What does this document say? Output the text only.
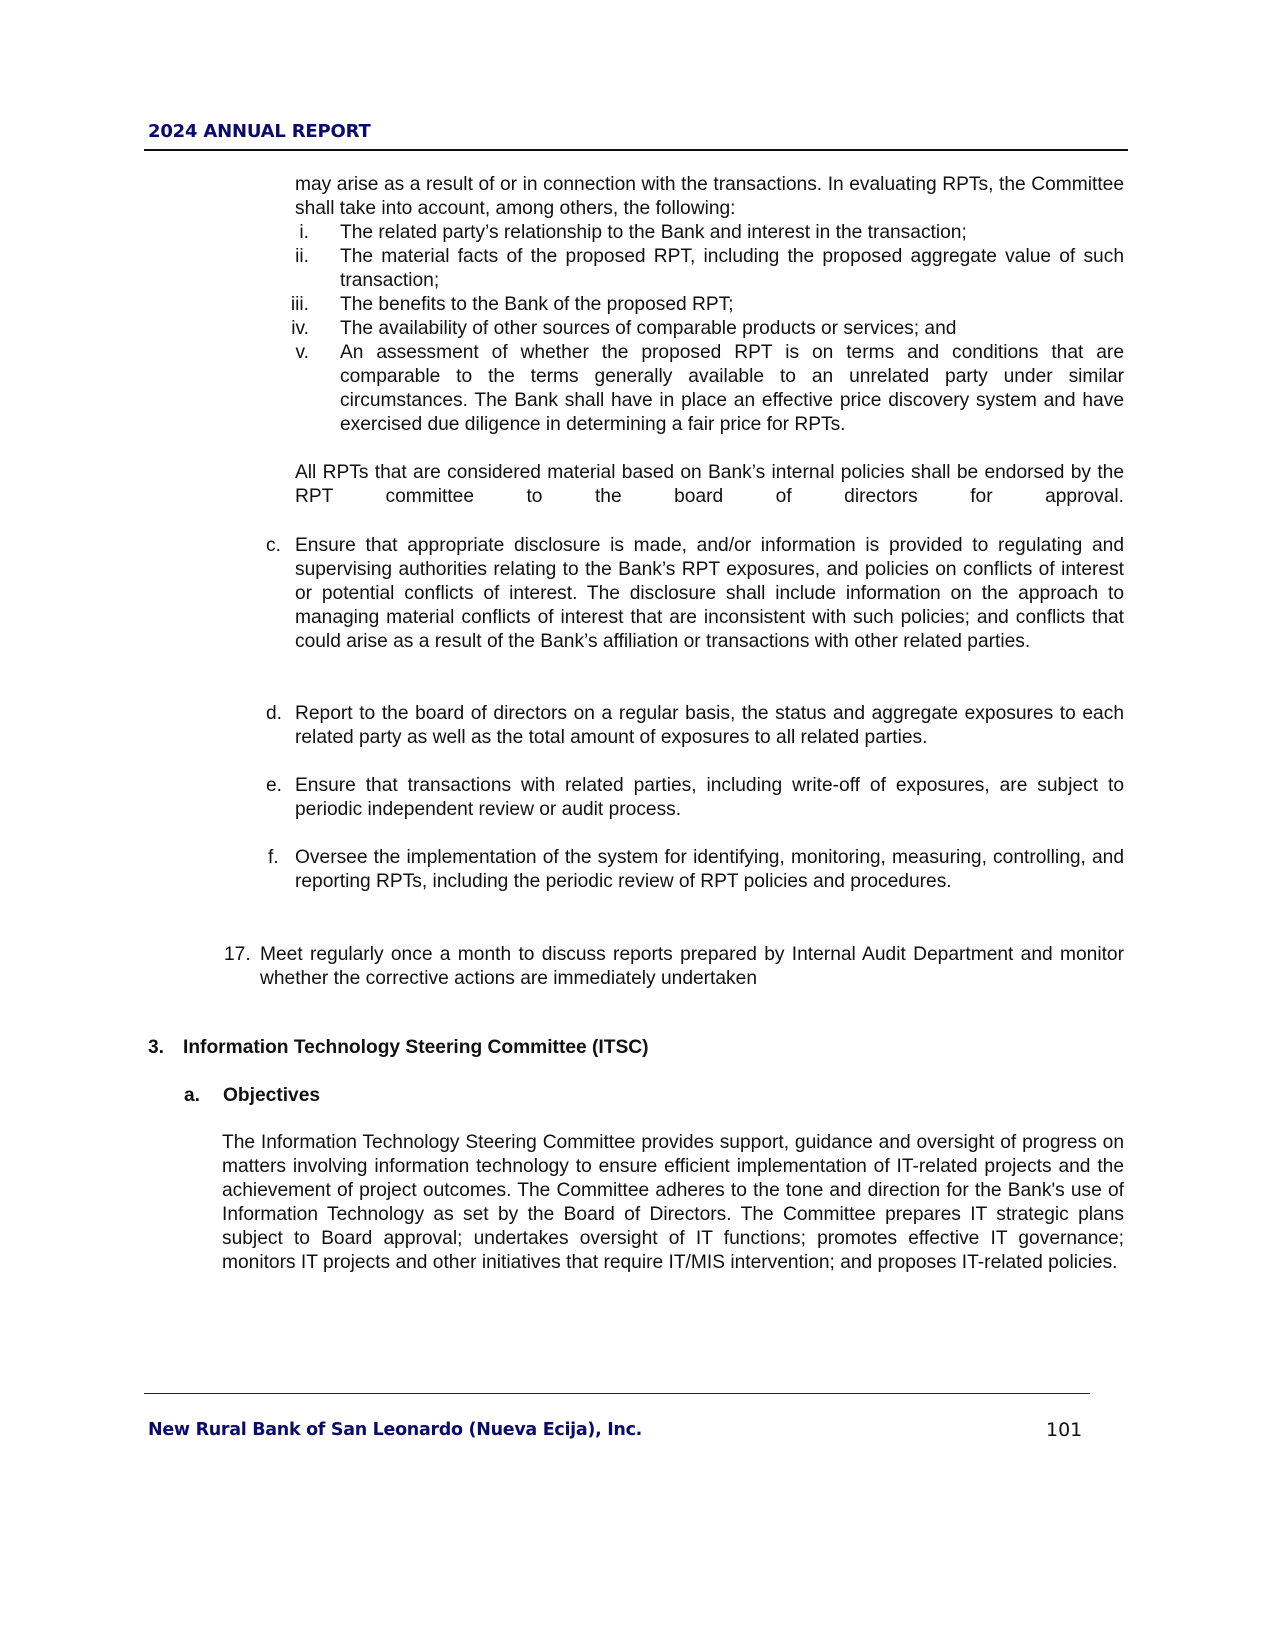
2024 ANNUAL REPORT
may arise as a result of or in connection with the transactions. In evaluating RPTs, the Committee shall take into account, among others, the following:
i. The related party’s relationship to the Bank and interest in the transaction;
ii. The material facts of the proposed RPT, including the proposed aggregate value of such transaction;
iii. The benefits to the Bank of the proposed RPT;
iv. The availability of other sources of comparable products or services; and
v. An assessment of whether the proposed RPT is on terms and conditions that are comparable to the terms generally available to an unrelated party under similar circumstances. The Bank shall have in place an effective price discovery system and have exercised due diligence in determining a fair price for RPTs.
All RPTs that are considered material based on Bank’s internal policies shall be endorsed by the RPT committee to the board of directors for approval.
c. Ensure that appropriate disclosure is made, and/or information is provided to regulating and supervising authorities relating to the Bank’s RPT exposures, and policies on conflicts of interest or potential conflicts of interest. The disclosure shall include information on the approach to managing material conflicts of interest that are inconsistent with such policies; and conflicts that could arise as a result of the Bank’s affiliation or transactions with other related parties.
d. Report to the board of directors on a regular basis, the status and aggregate exposures to each related party as well as the total amount of exposures to all related parties.
e. Ensure that transactions with related parties, including write-off of exposures, are subject to periodic independent review or audit process.
f. Oversee the implementation of the system for identifying, monitoring, measuring, controlling, and reporting RPTs, including the periodic review of RPT policies and procedures.
17. Meet regularly once a month to discuss reports prepared by Internal Audit Department and monitor whether the corrective actions are immediately undertaken
3. Information Technology Steering Committee (ITSC)
a.	Objectives
The Information Technology Steering Committee provides support, guidance and oversight of progress on matters involving information technology to ensure efficient implementation of IT-related projects and the achievement of project outcomes. The Committee adheres to the tone and direction for the Bank's use of Information Technology as set by the Board of Directors. The Committee prepares IT strategic plans subject to Board approval; undertakes oversight of IT functions; promotes effective IT governance; monitors IT projects and other initiatives that require IT/MIS intervention; and proposes IT-related policies.
New Rural Bank of San Leonardo (Nueva Ecija), Inc.	101
